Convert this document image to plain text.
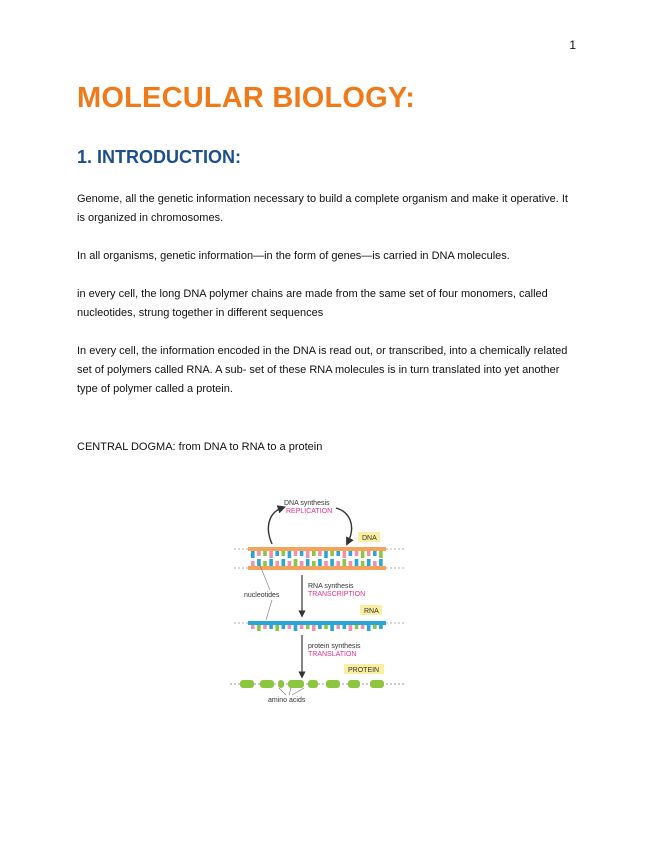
1
MOLECULAR BIOLOGY:
1. INTRODUCTION:

Genome, all the genetic information necessary to build a complete organism and make it operative. It is organized in chromosomes.

In all organisms, genetic information—in the form of genes—is carried in DNA molecules.

in every cell, the long DNA polymer chains are made from the same set of four monomers, called nucleotides, strung together in different sequences

In every cell, the information encoded in the DNA is read out, or transcribed, into a chemically related set of polymers called RNA. A sub- set of these RNA molecules is in turn translated into yet another type of polymer called a protein.

CENTRAL DOGMA: from DNA to RNA to a protein

DNA synthesis
REPLICATION
DNA
RNA synthesis
TRANSCRIPTION
nucleotides
RNA
protein synthesis
TRANSLATION
PROTEIN
amino acids
